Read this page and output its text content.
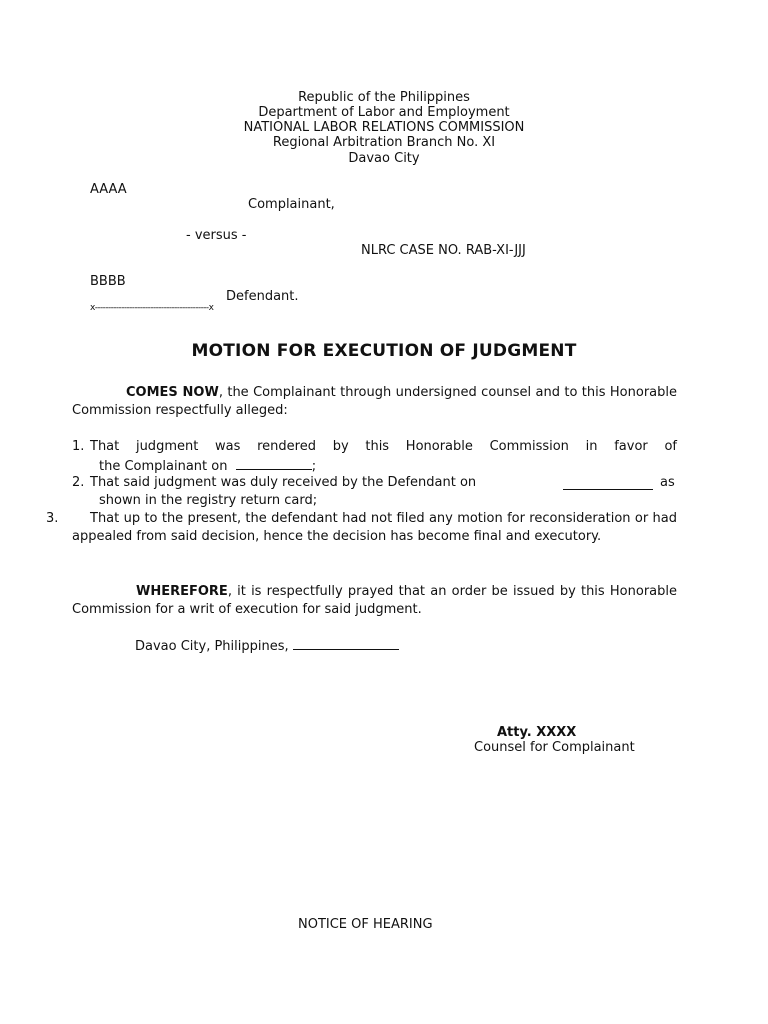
Republic of the Philippines
Department of Labor and Employment
NATIONAL LABOR RELATIONS COMMISSION
Regional Arbitration Branch No. XI
Davao City
AAAA
Complainant,
- versus -
NLRC CASE NO. RAB-XI-JJJ
BBBB
Defendant.
x-------------------------------------------x
MOTION FOR EXECUTION OF JUDGMENT
COMES NOW, the Complainant through undersigned counsel and to this Honorable Commission respectfully alleged:
1. That judgment was rendered by this Honorable Commission in favor of
the Complainant on	;
2. That said judgment was duly received by the Defendant on	as
shown in the registry return card;
3.	That up to the present, the defendant had not filed any motion for reconsideration or had appealed from said decision, hence the decision has become final and executory.
WHEREFORE, it is respectfully prayed that an order be issued by this Honorable Commission for a writ of execution for said judgment.
Davao City, Philippines,
Atty. XXXX
Counsel for Complainant
NOTICE OF HEARING
